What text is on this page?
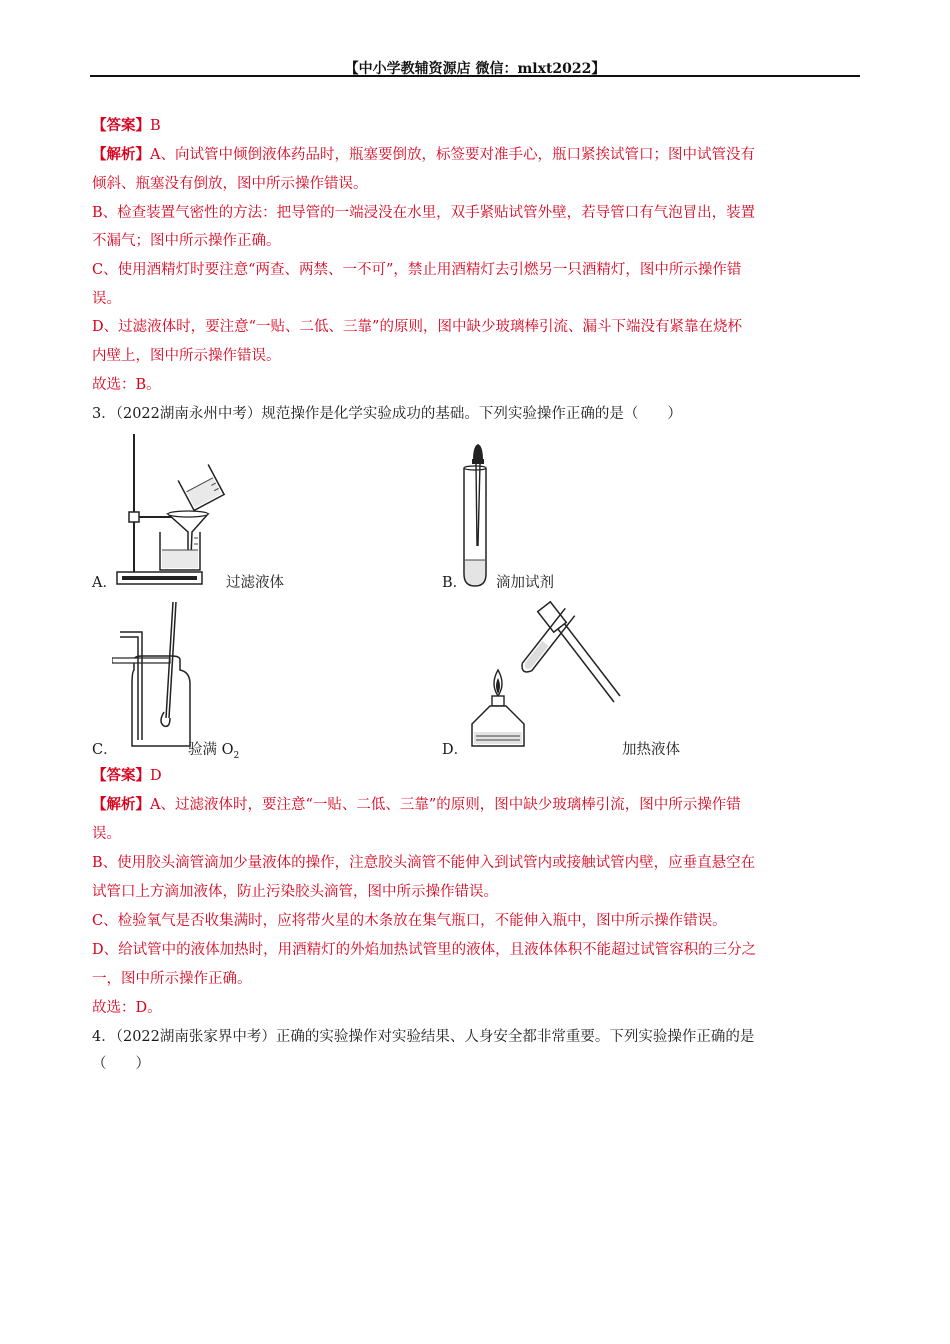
【中小学教辅资源店 微信：mlxt2022】
【答案】B
【解析】A、向试管中倾倒液体药品时，瓶塞要倒放，标签要对准手心，瓶口紧挨试管口；图中试管没有
倾斜、瓶塞没有倒放，图中所示操作错误。
B、检查装置气密性的方法：把导管的一端浸没在水里，双手紧贴试管外壁，若导管口有气泡冒出，装置
不漏气；图中所示操作正确。
C、使用酒精灯时要注意“两查、两禁、一不可”，禁止用酒精灯去引燃另一只酒精灯，图中所示操作错
误。
D、过滤液体时，要注意“一贴、二低、三靠”的原则，图中缺少玻璃棒引流、漏斗下端没有紧靠在烧杯
内壁上，图中所示操作错误。
故选：B。
3．（2022湖南永州中考）规范操作是化学实验成功的基础。下列实验操作正确的是（　　）
A．	过滤液体	B． 滴加试剂
C．	验满 $O_2$	D．	加热液体
【答案】D
【解析】A、过滤液体时，要注意“一贴、二低、三靠”的原则，图中缺少玻璃棒引流，图中所示操作错
误。
B、使用胶头滴管滴加少量液体的操作，注意胶头滴管不能伸入到试管内或接触试管内壁，应垂直悬空在
试管口上方滴加液体，防止污染胶头滴管，图中所示操作错误。
C、检验氧气是否收集满时，应将带火星的木条放在集气瓶口，不能伸入瓶中，图中所示操作错误。
D、给试管中的液体加热时，用酒精灯的外焰加热试管里的液体，且液体体积不能超过试管容积的三分之
一，图中所示操作正确。
故选：D。
4．（2022湖南张家界中考）正确的实验操作对实验结果、人身安全都非常重要。下列实验操作正确的是
（　　）
